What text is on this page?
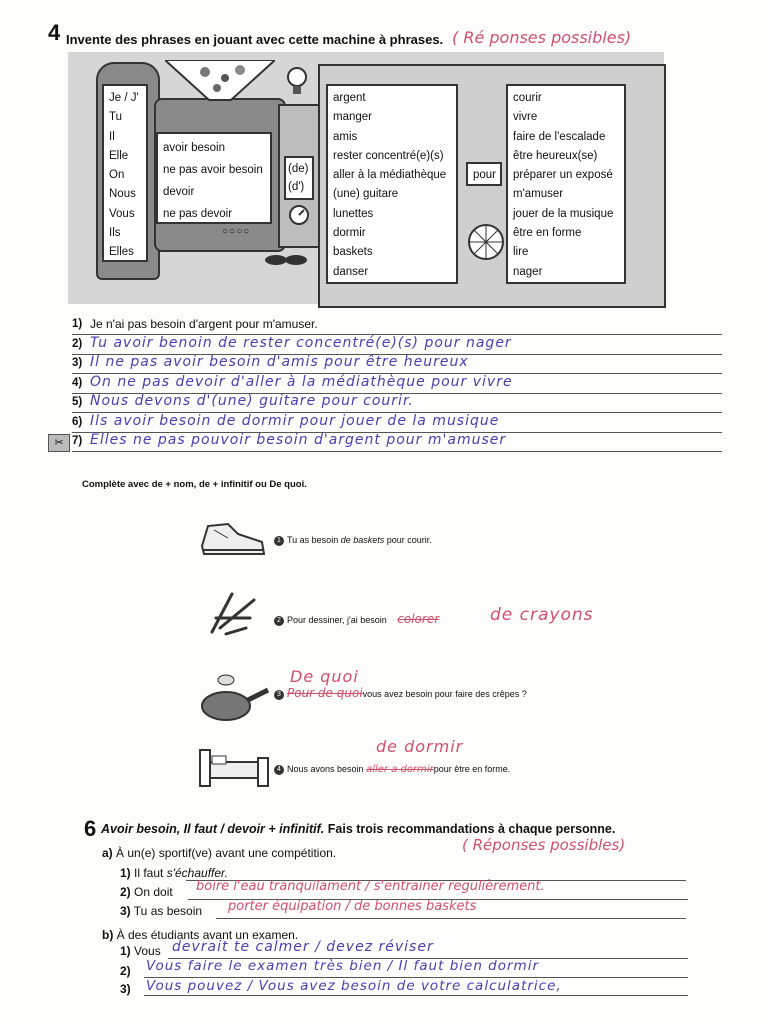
4 Invente des phrases en jouant avec cette machine à phrases. ( Ré ponses possibles)
Je / J'
Tu
Il
Elle
On
Nous
Vous
Ils
Elles
avoir besoin
ne pas avoir besoin
devoir
ne pas devoir
○○○○
(de)
(d')
argent
manger
amis
rester concentré(e)(s)
aller à la médiathèque
(une) guitare
lunettes
dormir
baskets
danser
pour
courir
vivre
faire de l'escalade
être heureux(se)
préparer un exposé
m'amuser
jouer de la musique
être en forme
lire
nager
1) Je n'ai pas besoin d'argent pour m'amuser.
2) Tu avoir benoin de rester concentré(e)(s) pour nager
3) Il ne pas avoir besoin d'amis pour être heureux
4) On ne pas devoir d'aller à la médiathèque pour vivre
5) Nous devons d'(une) guitare pour courir.
6) Ils avoir besoin de dormir pour jouer de la musique
7) Elles ne pas pouvoir besoin d'argent pour m'amuser
✂
Complète avec de + nom, de + infinitif ou De quoi.
1 Tu as besoin de baskets pour courir.
2 Pour dessiner, j'ai besoin colorer	de crayons
De quoi
3 Pour de quoivous avez besoin pour faire des crêpes ?
de dormir
4 Nous avons besoin aller a dormirpour être en forme.
6 Avoir besoin, Il faut / devoir + infinitif. Fais trois recommandations à chaque personne.
( Réponses possibles)
a) À un(e) sportif(ve) avant une compétition.
1) Il faut s'échauffer.
2) On doit boire l'eau tranquilament / s'entrainer regulièrement.
3) Tu as besoin porter équipation / de bonnes baskets
b) À des étudiants avant un examen.
1) Vous devrait te calmer / devez réviser
2) Vous faire le examen très bien / Il faut bien dormir
3) Vous pouvez / Vous avez besoin de votre calculatrice,
